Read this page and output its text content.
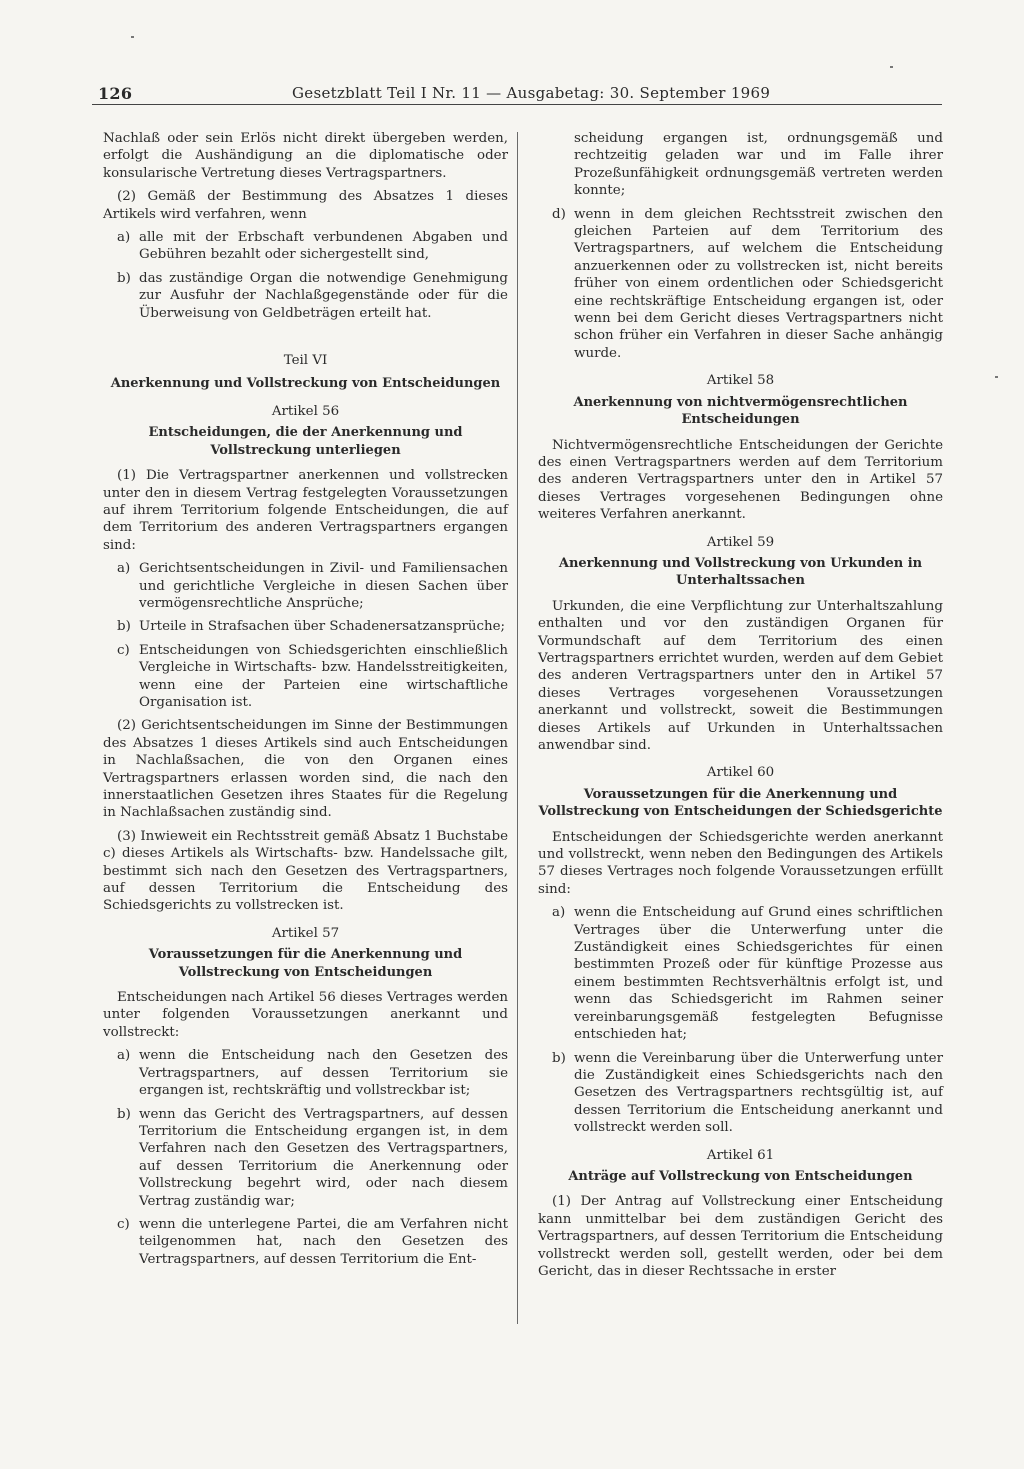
126	Gesetzblatt Teil I Nr. 11 — Ausgabetag: 30. September 1969

Nachlaß oder sein Erlös nicht direkt übergeben werden, erfolgt die Aushändigung an die diplomatische oder konsularische Vertretung dieses Vertragspartners.

(2) Gemäß der Bestimmung des Absatzes 1 dieses Artikels wird verfahren, wenn

a) alle mit der Erbschaft verbundenen Abgaben und Gebühren bezahlt oder sichergestellt sind,
b) das zuständige Organ die notwendige Genehmigung zur Ausfuhr der Nachlaßgegenstände oder für die Überweisung von Geldbeträgen erteilt hat.
Teil VI
Anerkennung und Vollstreckung von Entscheidungen
Artikel 56
Entscheidungen, die der Anerkennung und Vollstreckung unterliegen

(1) Die Vertragspartner anerkennen und vollstrecken unter den in diesem Vertrag festgelegten Voraussetzungen auf ihrem Territorium folgende Entscheidungen, die auf dem Territorium des anderen Vertragspartners ergangen sind:

a) Gerichtsentscheidungen in Zivil- und Familiensachen und gerichtliche Vergleiche in diesen Sachen über vermögensrechtliche Ansprüche;
b) Urteile in Strafsachen über Schadenersatzansprüche;
c) Entscheidungen von Schiedsgerichten einschließlich Vergleiche in Wirtschafts- bzw. Handelsstreitigkeiten, wenn eine der Parteien eine wirtschaftliche Organisation ist.

(2) Gerichtsentscheidungen im Sinne der Bestimmungen des Absatzes 1 dieses Artikels sind auch Entscheidungen in Nachlaßsachen, die von den Organen eines Vertragspartners erlassen worden sind, die nach den innerstaatlichen Gesetzen ihres Staates für die Regelung in Nachlaßsachen zuständig sind.

(3) Inwieweit ein Rechtsstreit gemäß Absatz 1 Buchstabe c) dieses Artikels als Wirtschafts- bzw. Handelssache gilt, bestimmt sich nach den Gesetzen des Vertragspartners, auf dessen Territorium die Entscheidung des Schiedsgerichts zu vollstrecken ist.

Artikel 57
Voraussetzungen für die Anerkennung und Vollstreckung von Entscheidungen

Entscheidungen nach Artikel 56 dieses Vertrages werden unter folgenden Voraussetzungen anerkannt und vollstreckt:

a) wenn die Entscheidung nach den Gesetzen des Vertragspartners, auf dessen Territorium sie ergangen ist, rechtskräftig und vollstreckbar ist;
b) wenn das Gericht des Vertragspartners, auf dessen Territorium die Entscheidung ergangen ist, in dem Verfahren nach den Gesetzen des Vertragspartners, auf dessen Territorium die Anerkennung oder Vollstreckung begehrt wird, oder nach diesem Vertrag zuständig war;
c) wenn die unterlegene Partei, die am Verfahren nicht teilgenommen hat, nach den Gesetzen des Vertragspartners, auf dessen Territorium die Ent-
scheidung ergangen ist, ordnungsgemäß und rechtzeitig geladen war und im Falle ihrer Prozeßunfähigkeit ordnungsgemäß vertreten werden konnte;
d) wenn in dem gleichen Rechtsstreit zwischen den gleichen Parteien auf dem Territorium des Vertragspartners, auf welchem die Entscheidung anzuerkennen oder zu vollstrecken ist, nicht bereits früher von einem ordentlichen oder Schiedsgericht eine rechtskräftige Entscheidung ergangen ist, oder wenn bei dem Gericht dieses Vertragspartners nicht schon früher ein Verfahren in dieser Sache anhängig wurde.
Artikel 58
Anerkennung von nichtvermögensrechtlichen Entscheidungen

Nichtvermögensrechtliche Entscheidungen der Gerichte des einen Vertragspartners werden auf dem Territorium des anderen Vertragspartners unter den in Artikel 57 dieses Vertrages vorgesehenen Bedingungen ohne weiteres Verfahren anerkannt.

Artikel 59
Anerkennung und Vollstreckung von Urkunden in Unterhaltssachen

Urkunden, die eine Verpflichtung zur Unterhaltszahlung enthalten und vor den zuständigen Organen für Vormundschaft auf dem Territorium des einen Vertragspartners errichtet wurden, werden auf dem Gebiet des anderen Vertragspartners unter den in Artikel 57 dieses Vertrages vorgesehenen Voraussetzungen anerkannt und vollstreckt, soweit die Bestimmungen dieses Artikels auf Urkunden in Unterhaltssachen anwendbar sind.

Artikel 60
Voraussetzungen für die Anerkennung und Vollstreckung von Entscheidungen der Schiedsgerichte

Entscheidungen der Schiedsgerichte werden anerkannt und vollstreckt, wenn neben den Bedingungen des Artikels 57 dieses Vertrages noch folgende Voraussetzungen erfüllt sind:

a) wenn die Entscheidung auf Grund eines schriftlichen Vertrages über die Unterwerfung unter die Zuständigkeit eines Schiedsgerichtes für einen bestimmten Prozeß oder für künftige Prozesse aus einem bestimmten Rechtsverhältnis erfolgt ist, und wenn das Schiedsgericht im Rahmen seiner vereinbarungsgemäß festgelegten Befugnisse entschieden hat;
b) wenn die Vereinbarung über die Unterwerfung unter die Zuständigkeit eines Schiedsgerichts nach den Gesetzen des Vertragspartners rechtsgültig ist, auf dessen Territorium die Entscheidung anerkannt und vollstreckt werden soll.
Artikel 61
Anträge auf Vollstreckung von Entscheidungen

(1) Der Antrag auf Vollstreckung einer Entscheidung kann unmittelbar bei dem zuständigen Gericht des Vertragspartners, auf dessen Territorium die Entscheidung vollstreckt werden soll, gestellt werden, oder bei dem Gericht, das in dieser Rechtssache in erster
